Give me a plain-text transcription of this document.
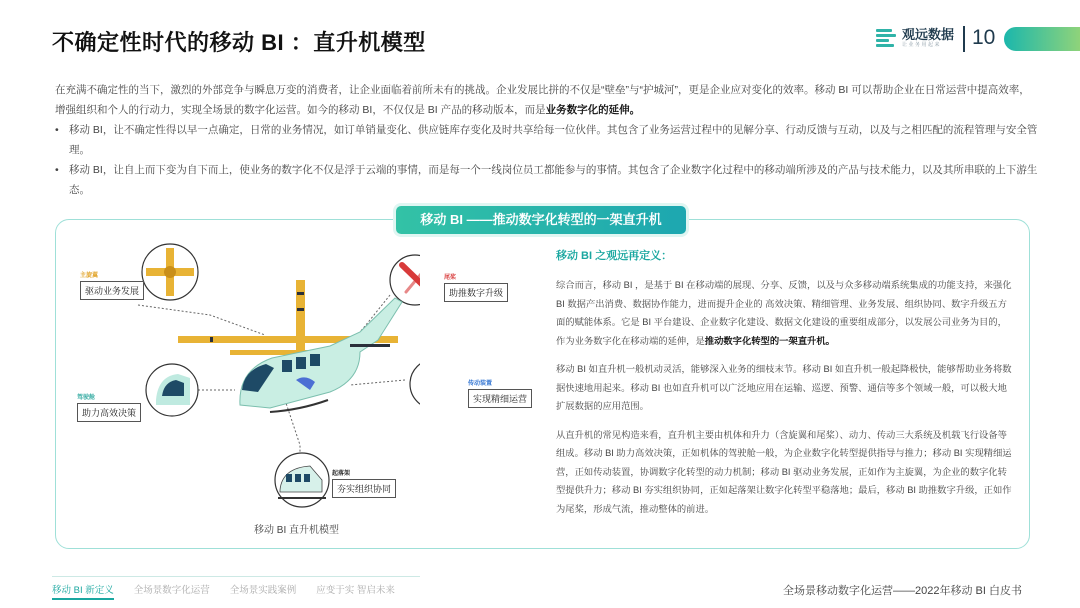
不确定性时代的移动 BI ：直升机模型	观远数据
让业务用起来	10

在充满不确定性的当下，激烈的外部竞争与瞬息万变的消费者，让企业面临着前所未有的挑战。企业发展比拼的不仅是“壁垒”与“护城河”，更是企业应对变化的效率。移动 BI 可以帮助企业在日常运营中提高效率，增强组织和个人的行动力，实现全场景的数字化运营。如今的移动 BI，不仅仅是 BI 产品的移动版本，而是业务数字化的延伸。

• 移动 BI，让不确定性得以早一点确定，日常的业务情况，如订单销量变化、供应链库存变化及时共享给每一位伙伴。其包含了业务运营过程中的见解分享、行动反馈与互动，以及与之相匹配的流程管理与安全管理。

• 移动 BI，让自上而下变为自下而上，使业务的数字化不仅是浮于云端的事情，而是每一个一线岗位员工都能参与的事情。其包含了企业数字化过程中的移动端所涉及的产品与技术能力，以及其所串联的上下游生态。

移动 BI ——推动数字化转型的一架直升机
主旋翼
驱动业务发展
尾桨
助推数字升级
驾驶舱
助力高效决策
传动装置
实现精细运营
起落架
夯实组织协同
移动 BI 直升机模型
移动 BI 之观远再定义：

综合而言，移动 BI ，是基于 BI 在移动端的展现、分享、反馈，以及与众多移动端系统集成的功能支持，来强化 BI 数据产出消费、数据协作能力，进而提升企业的 高效决策、精细管理、业务发展、组织协同、数字升级五方面的赋能体系。它是 BI 平台建设、企业数字化建设、数据文化建设的重要组成部分，以发展公司业务为目的，作为业务数字化在移动端的延伸，是推动数字化转型的一架直升机。

移动 BI 如直升机一般机动灵活，能够深入业务的细枝末节。移动 BI 如直升机一般起降极快，能够帮助业务将数据快速地用起来。移动 BI 也如直升机可以广泛地应用在运输、巡逻、预警、通信等多个领域一般，可以极大地扩展数据的应用范围。

从直升机的常见构造来看，直升机主要由机体和升力（含旋翼和尾桨）、动力、传动三大系统及机载飞行设备等组成。移动 BI 助力高效决策，正如机体的驾驶舱一般，为企业数字化转型提供指导与推力；移动 BI 实现精细运营，正如传动装置，协调数字化转型的动力机制；移动 BI 驱动业务发展，正如作为主旋翼，为企业的数字化转型提供升力；移动 BI 夯实组织协同，正如起落架让数字化转型平稳落地；最后，移动 BI 助推数字升级，正如作为尾桨，形成气流，推动整体的前进。

移动 BI 新定义 全场景数字化运营 全场景实践案例 应变于实 智启未来	全场景移动数字化运营——2022年移动 BI 白皮书
